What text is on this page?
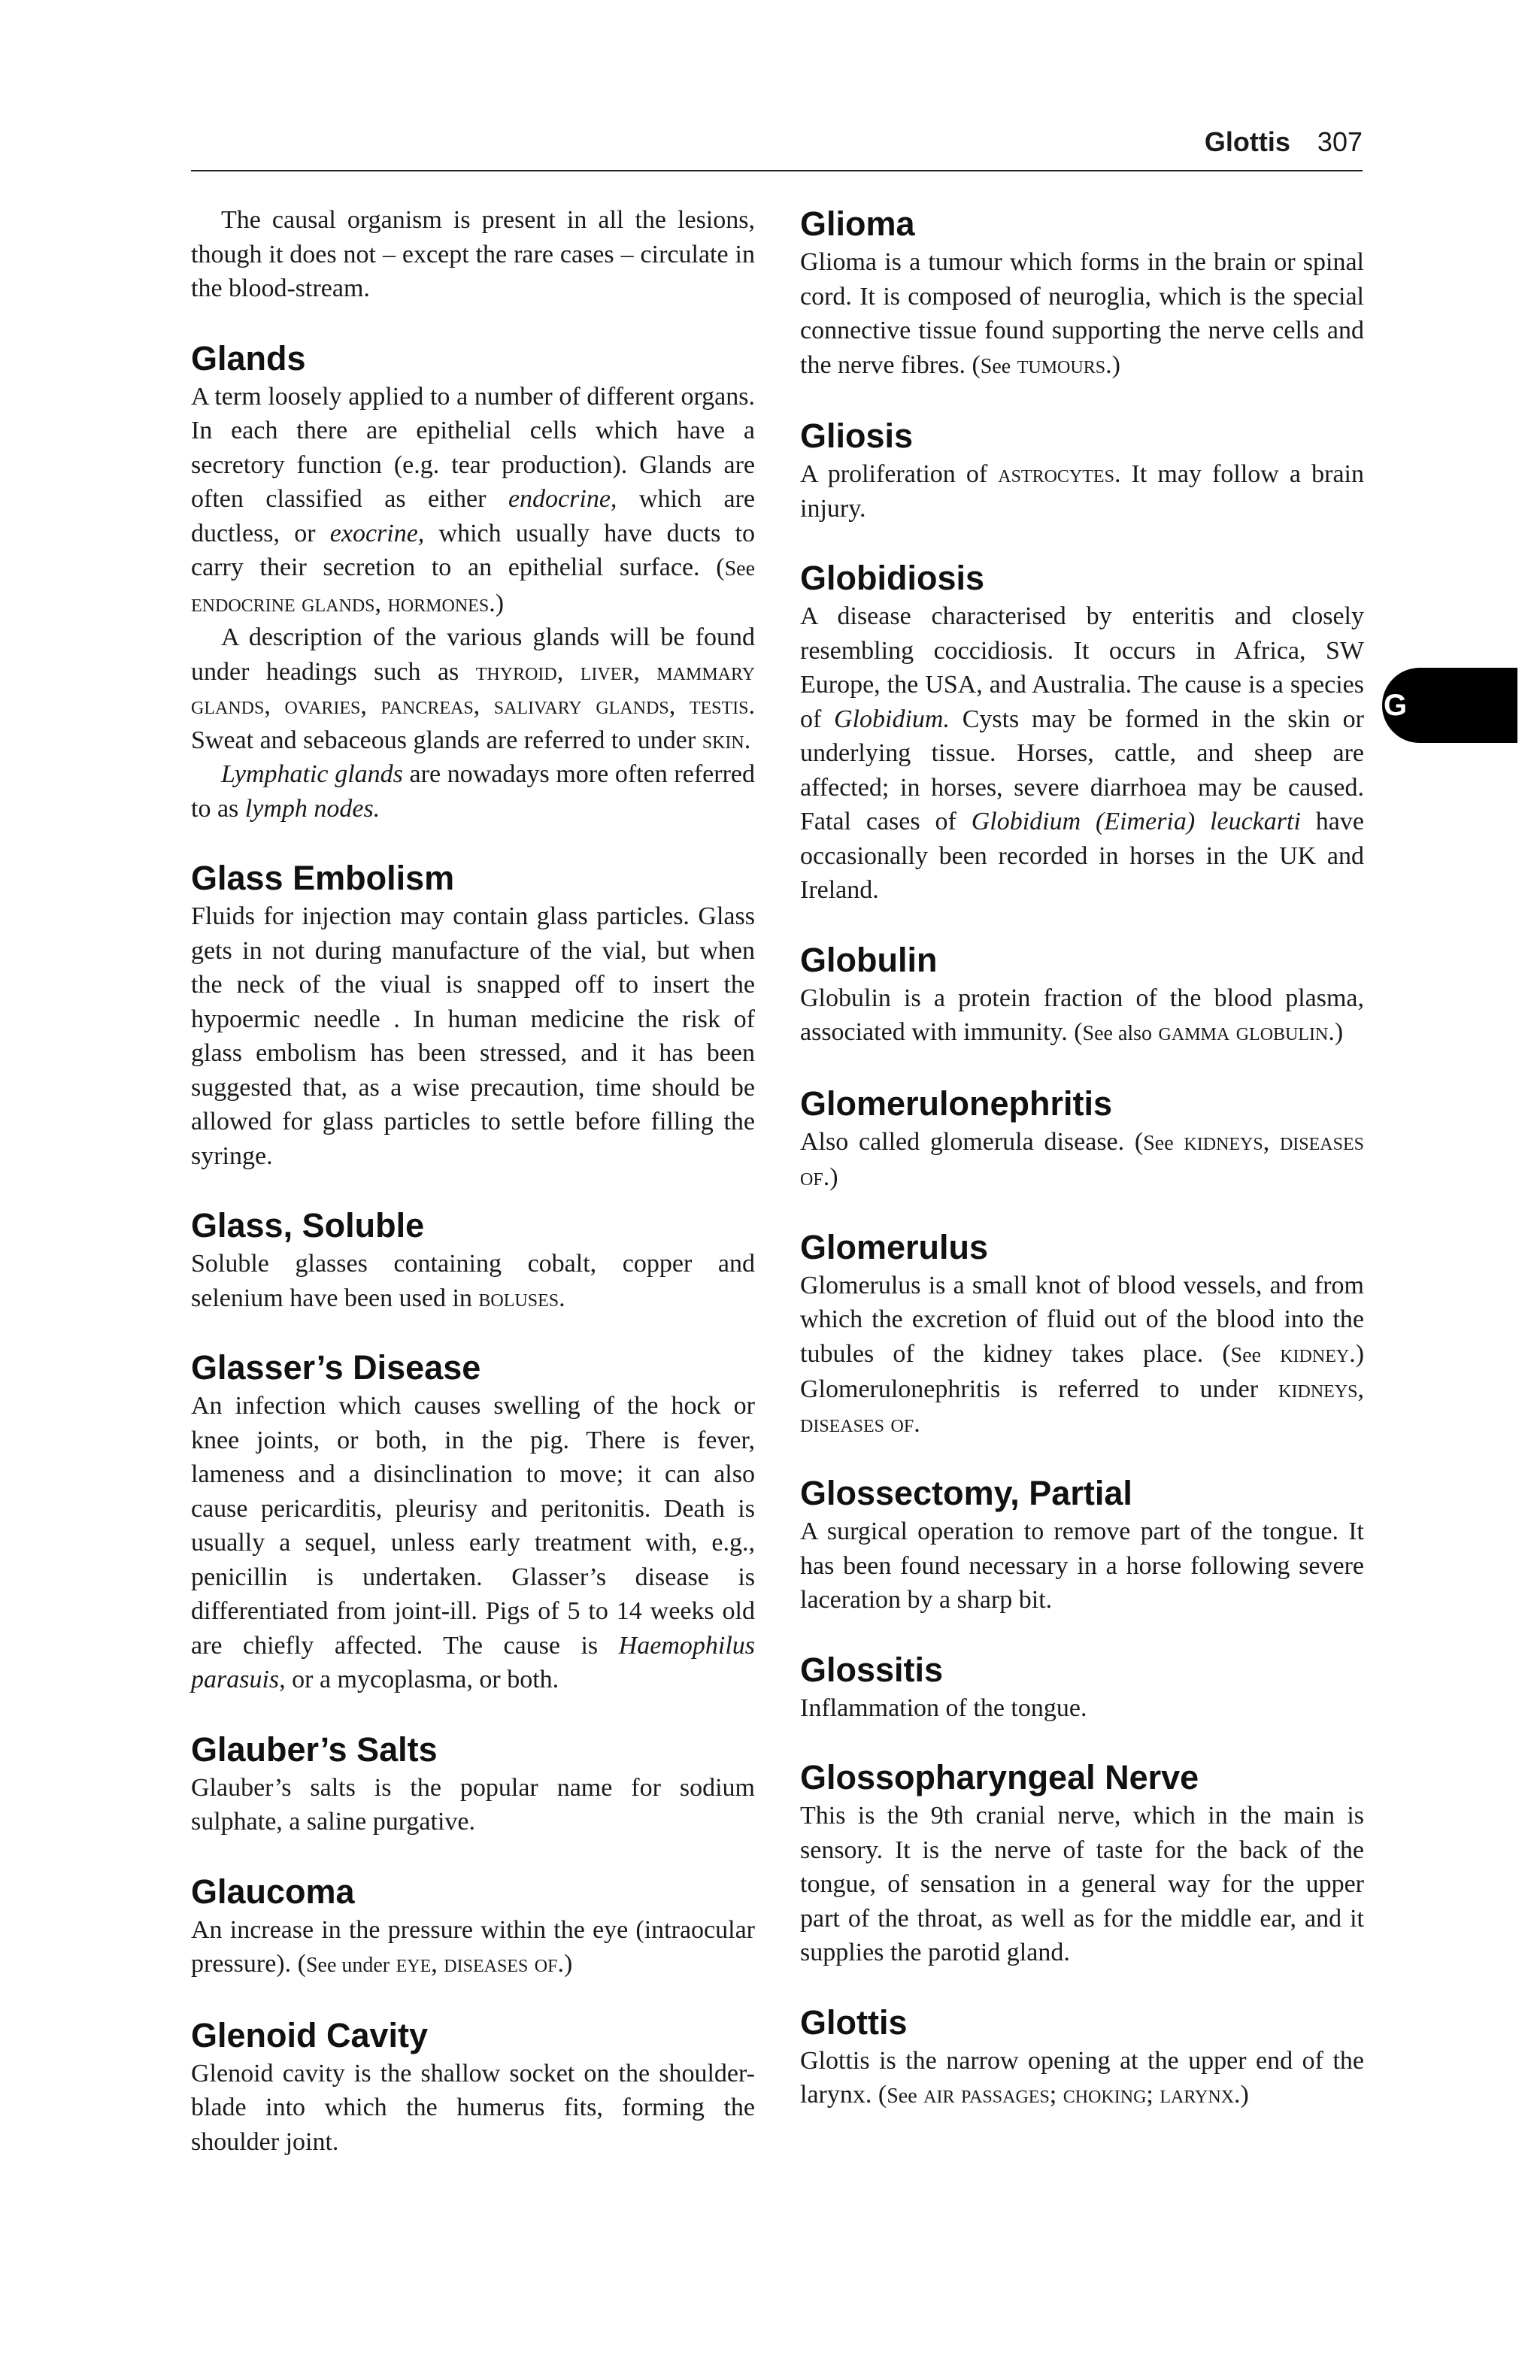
Glottis 307
G

The causal organism is present in all the lesions, though it does not – except the rare cases – circulate in the blood-stream.

Glands

A term loosely applied to a number of different organs. In each there are epithelial cells which have a secretory function (e.g. tear production). Glands are often classified as either endocrine, which are ductless, or exocrine, which usually have ducts to carry their secretion to an epithelial surface. (See endocrine glands, hormones.)

A description of the various glands will be found under headings such as thyroid, liver, mammary glands, ovaries, pancreas, salivary glands, testis. Sweat and sebaceous glands are referred to under skin.

Lymphatic glands are nowadays more often referred to as lymph nodes.

Glass Embolism

Fluids for injection may contain glass particles. Glass gets in not during manufacture of the vial, but when the neck of the viual is snapped off to insert the hypoermic needle . In human medicine the risk of glass embolism has been stressed, and it has been suggested that, as a wise precaution, time should be allowed for glass particles to settle before filling the syringe.

Glass, Soluble

Soluble glasses containing cobalt, copper and selenium have been used in boluses.

Glasser’s Disease

An infection which causes swelling of the hock or knee joints, or both, in the pig. There is fever, lameness and a disinclination to move; it can also cause pericarditis, pleurisy and peritonitis. Death is usually a sequel, unless early treatment with, e.g., penicillin is undertaken. Glasser’s disease is differentiated from joint-ill. Pigs of 5 to 14 weeks old are chiefly affected. The cause is Haemophilus parasuis, or a mycoplasma, or both.

Glauber’s Salts

Glauber’s salts is the popular name for sodium sulphate, a saline purgative.

Glaucoma

An increase in the pressure within the eye (intraocular pressure). (See under eye, diseases of.)

Glenoid Cavity

Glenoid cavity is the shallow socket on the shoulder-blade into which the humerus fits, forming the shoulder joint.

Glioma

Glioma is a tumour which forms in the brain or spinal cord. It is composed of neuroglia, which is the special connective tissue found supporting the nerve cells and the nerve fibres. (See tumours.)

Gliosis

A proliferation of astrocytes. It may follow a brain injury.

Globidiosis

A disease characterised by enteritis and closely resembling coccidiosis. It occurs in Africa, SW Europe, the USA, and Australia. The cause is a species of Globidium. Cysts may be formed in the skin or underlying tissue. Horses, cattle, and sheep are affected; in horses, severe diarrhoea may be caused. Fatal cases of Globidium (Eimeria) leuckarti have occasionally been recorded in horses in the UK and Ireland.

Globulin

Globulin is a protein fraction of the blood plasma, associated with immunity. (See also gamma globulin.)

Glomerulonephritis

Also called glomerula disease. (See kidneys, diseases of.)

Glomerulus

Glomerulus is a small knot of blood vessels, and from which the excretion of fluid out of the blood into the tubules of the kidney takes place. (See kidney.) Glomerulonephritis is referred to under kidneys, diseases of.

Glossectomy, Partial

A surgical operation to remove part of the tongue. It has been found necessary in a horse following severe laceration by a sharp bit.

Glossitis

Inflammation of the tongue.

Glossopharyngeal Nerve

This is the 9th cranial nerve, which in the main is sensory. It is the nerve of taste for the back of the tongue, of sensation in a general way for the upper part of the throat, as well as for the middle ear, and it supplies the parotid gland.

Glottis

Glottis is the narrow opening at the upper end of the larynx. (See air passages; choking; larynx.)
